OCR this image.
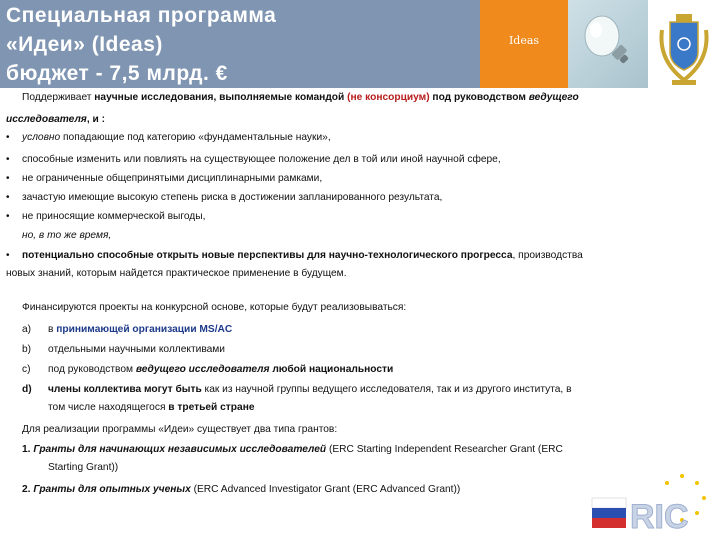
Специальная программа
«Идеи» (Ideas)
бюджет - 7,5 млрд. €
Ideas
Поддерживает научные исследования, выполняемые командой (не консорциум) под руководством ведущего
исследователя, и :
• условно попадающие под категорию «фундаментальные науки»,
• способные изменить или повлиять на существующее положение дел в той или иной научной сфере,
• не ограниченные общепринятыми дисциплинарными рамками,
• зачастую имеющие высокую степень риска в достижении запланированного результата,
• не приносящие коммерческой выгоды,
но, в то же время,
• потенциально способные открыть новые перспективы для научно-технологического прогресса, производства
новых знаний, которым найдется практическое применение в будущем.
Финансируются проекты на конкурсной основе, которые будут реализовываться:
a) в принимающей организации MS/AC
b) отдельными научными коллективами
c) под руководством ведущего исследователя любой национальности
d) члены коллектива могут быть как из научной группы ведущего исследователя, так и из другого института, в
том числе находящегося в третьей стране
Для реализации программы «Идеи» существует два типа грантов:
1. Гранты для начинающих независимых исследователей (ERC Starting Independent Researcher Grant (ERC
Starting Grant))
2. Гранты для опытных ученых (ERC Advanced Investigator Grant (ERC Advanced Grant))
RIC
